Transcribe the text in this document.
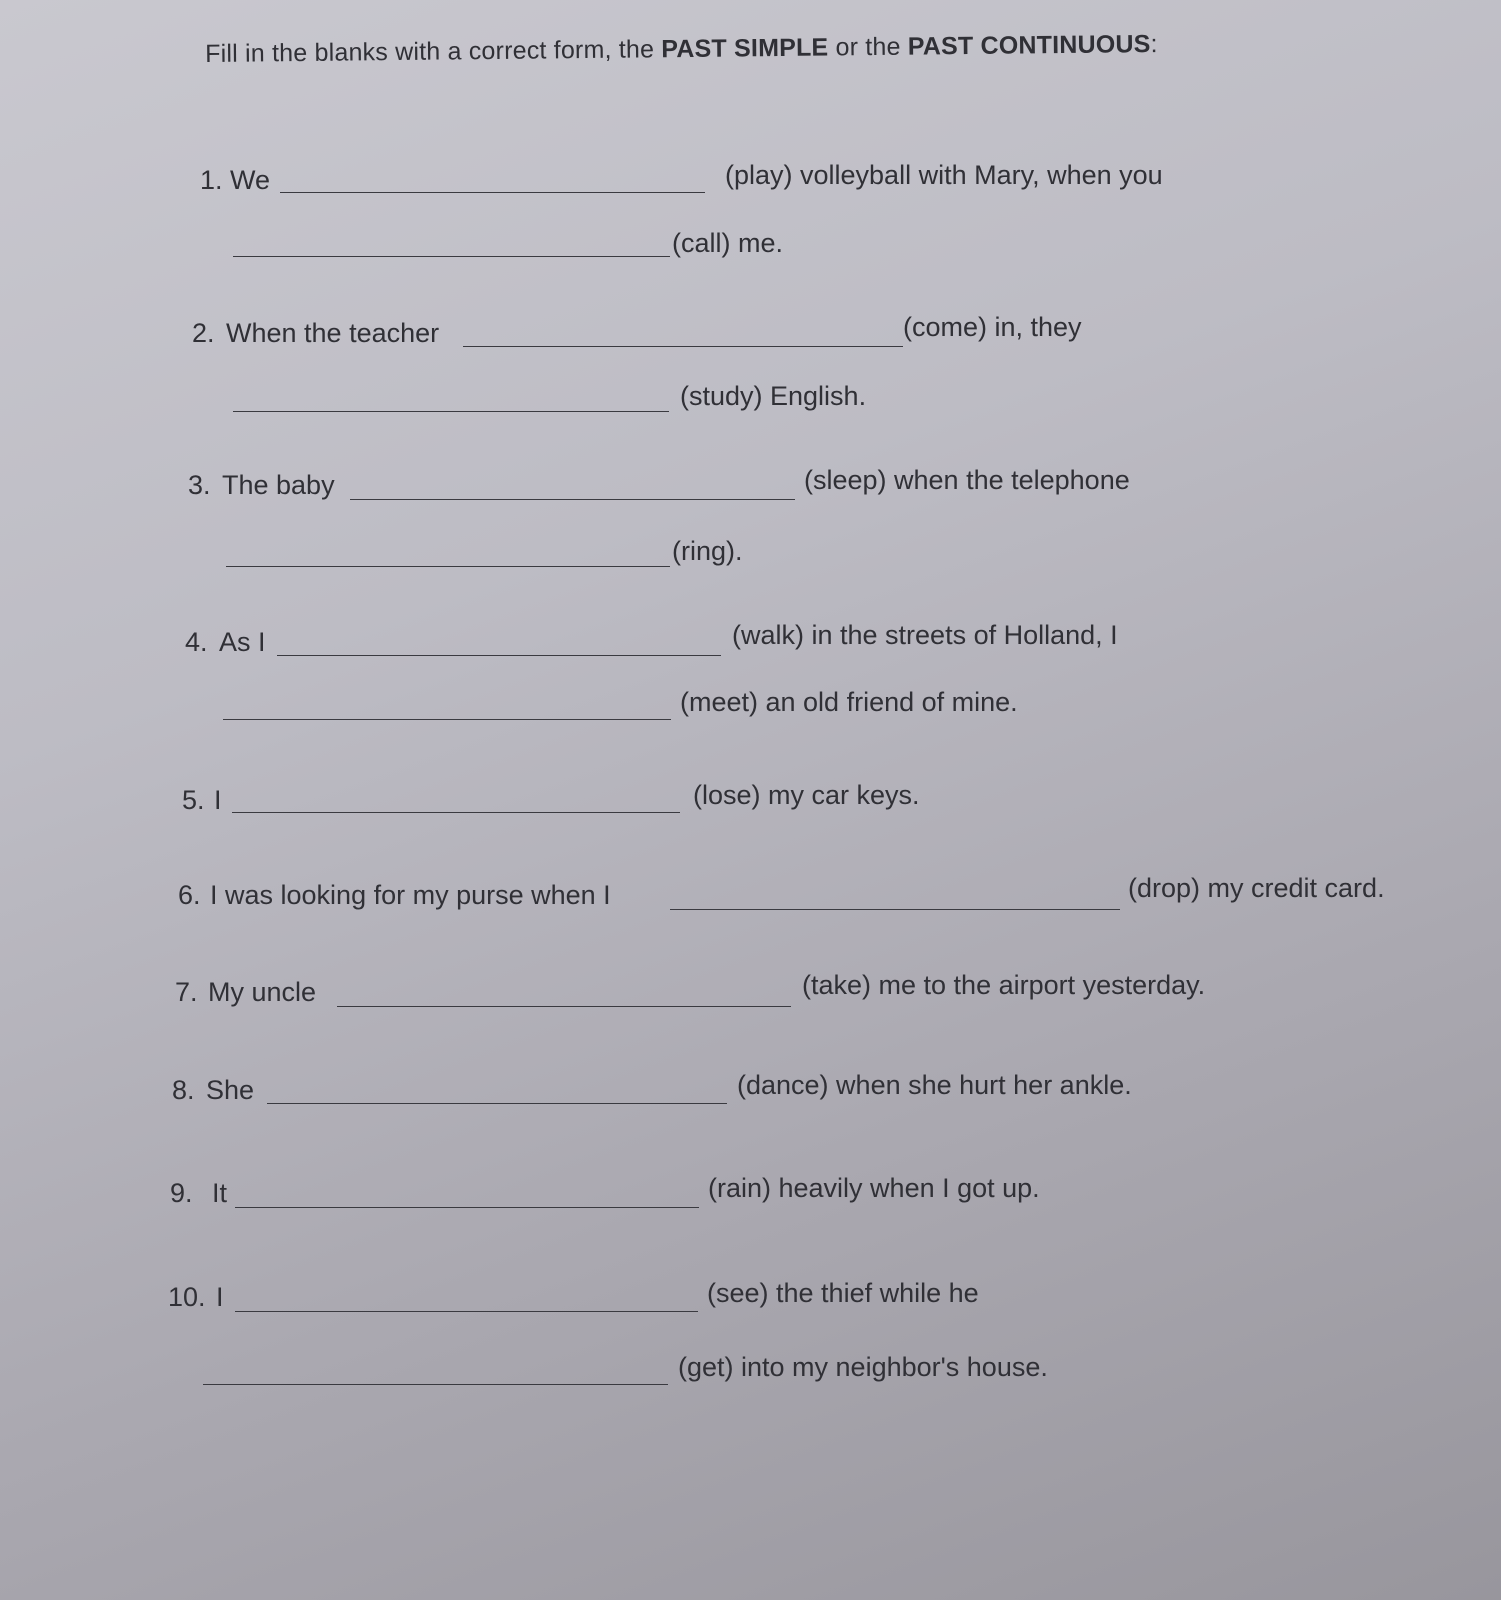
Fill in the blanks with a correct form, the PAST SIMPLE or the PAST CONTINUOUS:
1. We	(play) volleyball with Mary, when you
(call) me.
2. When the teacher	(come) in, they
(study) English.
3. The baby	(sleep) when the telephone
(ring).
4. As I	(walk) in the streets of Holland, I
(meet) an old friend of mine.
5. I	(lose) my car keys.
6. I was looking for my purse when I	(drop) my credit card.
7. My uncle	(take) me to the airport yesterday.
8. She	(dance) when she hurt her ankle.
9. It	(rain) heavily when I got up.
10. I	(see) the thief while he
(get) into my neighbor's house.
